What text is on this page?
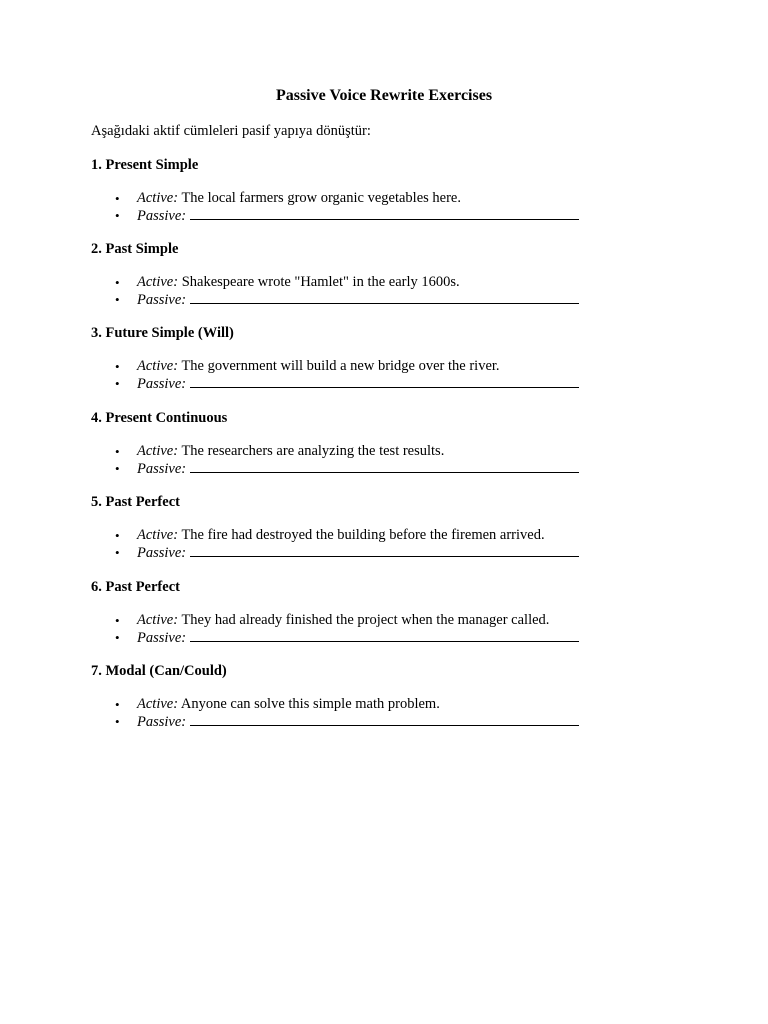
Passive Voice Rewrite Exercises
Aşağıdaki aktif cümleleri pasif yapıya dönüştür:

1. Present Simple

• Active: The local farmers grow organic vegetables here.
• Passive:

2. Past Simple

• Active: Shakespeare wrote "Hamlet" in the early 1600s.
• Passive:

3. Future Simple (Will)

• Active: The government will build a new bridge over the river.
• Passive:

4. Present Continuous

• Active: The researchers are analyzing the test results.
• Passive:

5. Past Perfect

• Active: The fire had destroyed the building before the firemen arrived.
• Passive:

6. Past Perfect

• Active: They had already finished the project when the manager called.
• Passive:

7. Modal (Can/Could)

• Active: Anyone can solve this simple math problem.
• Passive:
